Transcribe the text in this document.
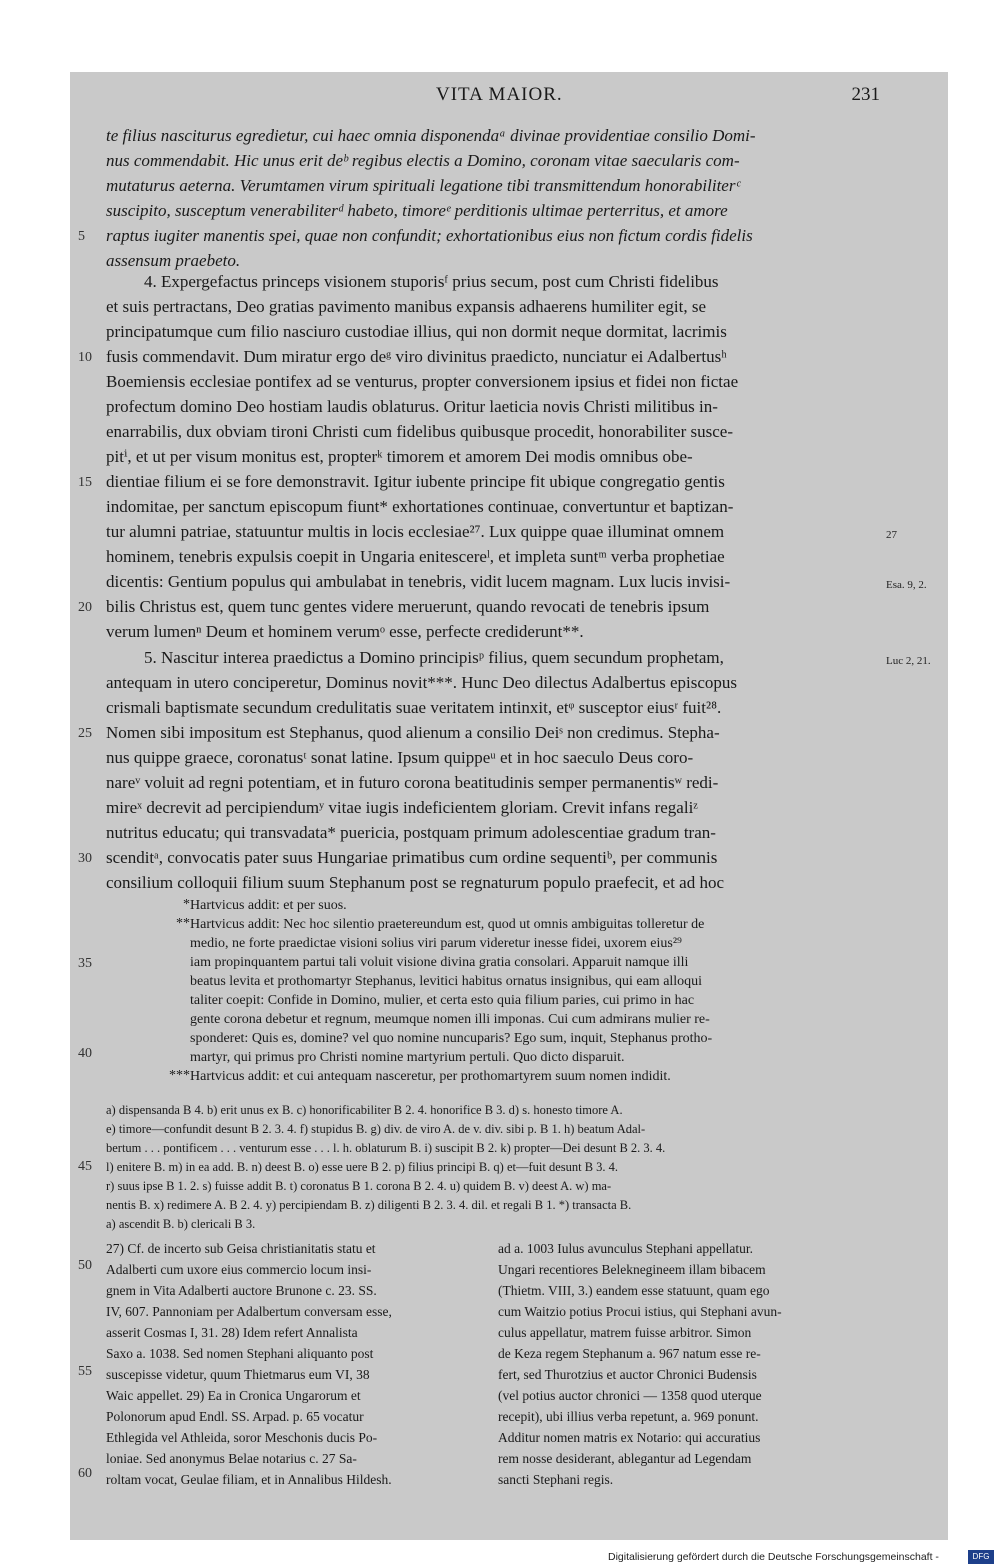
VITA MAIOR.	231
te filius nasciturus egredietur, cui haec omnia disponendaᵃ divinae providentiae consilio Domi-
nus commendabit. Hic unus erit deᵇ regibus electis a Domino, coronam vitae saecularis com-
mutaturus aeterna. Verumtamen virum spirituali legatione tibi transmittendum honorabiliterᶜ
suscipito, susceptum venerabiliterᵈ habeto, timoreᵉ perditionis ultimae perterritus, et amore
raptus iugiter manentis spei, quae non confundit; exhortationibus eius non fictum cordis fidelis
assensum praebeto.
4. Expergefactus princeps visionem stuporisᶠ prius secum, post cum Christi fidelibus
et suis pertractans, Deo gratias pavimento manibus expansis adhaerens humiliter egit, se
principatumque cum filio nasciuro custodiae illius, qui non dormit neque dormitat, lacrimis
fusis commendavit. Dum miratur ergo deᵍ viro divinitus praedicto, nunciatur ei Adalbertusʰ
Boemiensis ecclesiae pontifex ad se venturus, propter conversionem ipsius et fidei non fictae
profectum domino Deo hostiam laudis oblaturus. Oritur laeticia novis Christi militibus in-
enarrabilis, dux obviam tironi Christi cum fidelibus quibusque procedit, honorabiliter susce-
pitⁱ, et ut per visum monitus est, propterᵏ timorem et amorem Dei modis omnibus obe-
dientiae filium ei se fore demonstravit. Igitur iubente principe fit ubique congregatio gentis
indomitae, per sanctum episcopum fiunt* exhortationes continuae, convertuntur et baptizan-
tur alumni patriae, statuuntur multis in locis ecclesiae²⁷. Lux quippe quae illuminat omnem
hominem, tenebris expulsis coepit in Ungaria enitescereˡ, et impleta suntᵐ verba prophetiae
dicentis: Gentium populus qui ambulabat in tenebris, vidit lucem magnam. Lux lucis invisi-
bilis Christus est, quem tunc gentes videre meruerunt, quando revocati de tenebris ipsum
verum lumenⁿ Deum et hominem verumᵒ esse, perfecte crediderunt**.
5. Nascitur interea praedictus a Domino principisᵖ filius, quem secundum prophetam,
antequam in utero conciperetur, Dominus novit***. Hunc Deo dilectus Adalbertus episcopus
crismali baptismate secundum credulitatis suae veritatem intinxit, etᵠ susceptor eiusʳ fuit²⁸.
Nomen sibi impositum est Stephanus, quod alienum a consilio Deiˢ non credimus. Stepha-
nus quippe graece, coronatusᵗ sonat latine. Ipsum quippeᵘ et in hoc saeculo Deus coro-
nareᵛ voluit ad regni potentiam, et in futuro corona beatitudinis semper permanentisʷ redi-
mireˣ decrevit ad percipiendumʸ vitae iugis indeficientem gloriam. Crevit infans regaliᶻ
nutritus educatu; qui transvadata* puericia, postquam primum adolescentiae gradum tran-
scenditᵃ, convocatis pater suus Hungariae primatibus cum ordine sequentiᵇ, per communis
consilium colloquii filium suum Stephanum post se regnaturum populo praefecit, et ad hoc
5
10
15
20
25
30
35
40
45
50
55
60
27
Esa. 9, 2.
Luc 2, 21.
* Hartvicus addit: et per suos.
** Hartvicus addit: Nec hoc silentio praetereundum est, quod ut omnis ambiguitas tolleretur de
medio, ne forte praedictae visioni solius viri parum videretur inesse fidei, uxorem eius²⁹
iam propinquantem partui tali voluit visione divina gratia consolari. Apparuit namque illi
beatus levita et prothomartyr Stephanus, levitici habitus ornatus insignibus, qui eam alloqui
taliter coepit: Confide in Domino, mulier, et certa esto quia filium paries, cui primo in hac
gente corona debetur et regnum, meumque nomen illi imponas. Cui cum admirans mulier re-
sponderet: Quis es, domine? vel quo nomine nuncuparis? Ego sum, inquit, Stephanus protho-
martyr, qui primus pro Christi nomine martyrium pertuli. Quo dicto disparuit.
*** Hartvicus addit: et cui antequam nasceretur, per prothomartyrem suum nomen indidit.
a) dispensanda B 4. b) erit unus ex B. c) honorificabiliter B 2. 4. honorifice B 3. d) s. honesto timore A.
e) timore—confundit desunt B 2. 3. 4. f) stupidus B. g) div. de viro A. de v. div. sibi p. B 1. h) beatum Adal-
bertum . . . pontificem . . . venturum esse . . . l. h. oblaturum B. i) suscipit B 2. k) propter—Dei desunt B 2. 3. 4.
l) enitere B. m) in ea add. B. n) deest B. o) esse uere B 2. p) filius principi B. q) et—fuit desunt B 3. 4.
r) suus ipse B 1. 2. s) fuisse addit B. t) coronatus B 1. corona B 2. 4. u) quidem B. v) deest A. w) ma-
nentis B. x) redimere A. B 2. 4. y) percipiendam B. z) diligenti B 2. 3. 4. dil. et regali B 1. *) transacta B.
a) ascendit B. b) clericali B 3.
27) Cf. de incerto sub Geisa christianitatis statu et
Adalberti cum uxore eius commercio locum insi-
gnem in Vita Adalberti auctore Brunone c. 23. SS.
IV, 607. Pannoniam per Adalbertum conversam esse,
asserit Cosmas I, 31. 28) Idem refert Annalista
Saxo a. 1038. Sed nomen Stephani aliquanto post
suscepisse videtur, quum Thietmarus eum VI, 38
Waic appellet. 29) Ea in Cronica Ungarorum et
Polonorum apud Endl. SS. Arpad. p. 65 vocatur
Ethlegida vel Athleida, soror Meschonis ducis Po-
loniae. Sed anonymus Belae notarius c. 27 Sa-
roltam vocat, Geulae filiam, et in Annalibus Hildesh.
ad a. 1003 Iulus avunculus Stephani appellatur.
Ungari recentiores Beleknegineem illam bibacem
(Thietm. VIII, 3.) eandem esse statuunt, quam ego
cum Waitzio potius Procui istius, qui Stephani avun-
culus appellatur, matrem fuisse arbitror. Simon
de Keza regem Stephanum a. 967 natum esse re-
fert, sed Thurotzius et auctor Chronici Budensis
(vel potius auctor chronici — 1358 quod uterque
recepit), ubi illius verba repetunt, a. 969 ponunt.
Additur nomen matris ex Notario: qui accuratius
rem nosse desiderant, ablegantur ad Legendam
sancti Stephani regis.
Digitalisierung gefördert durch die Deutsche Forschungsgemeinschaft -	DFG
